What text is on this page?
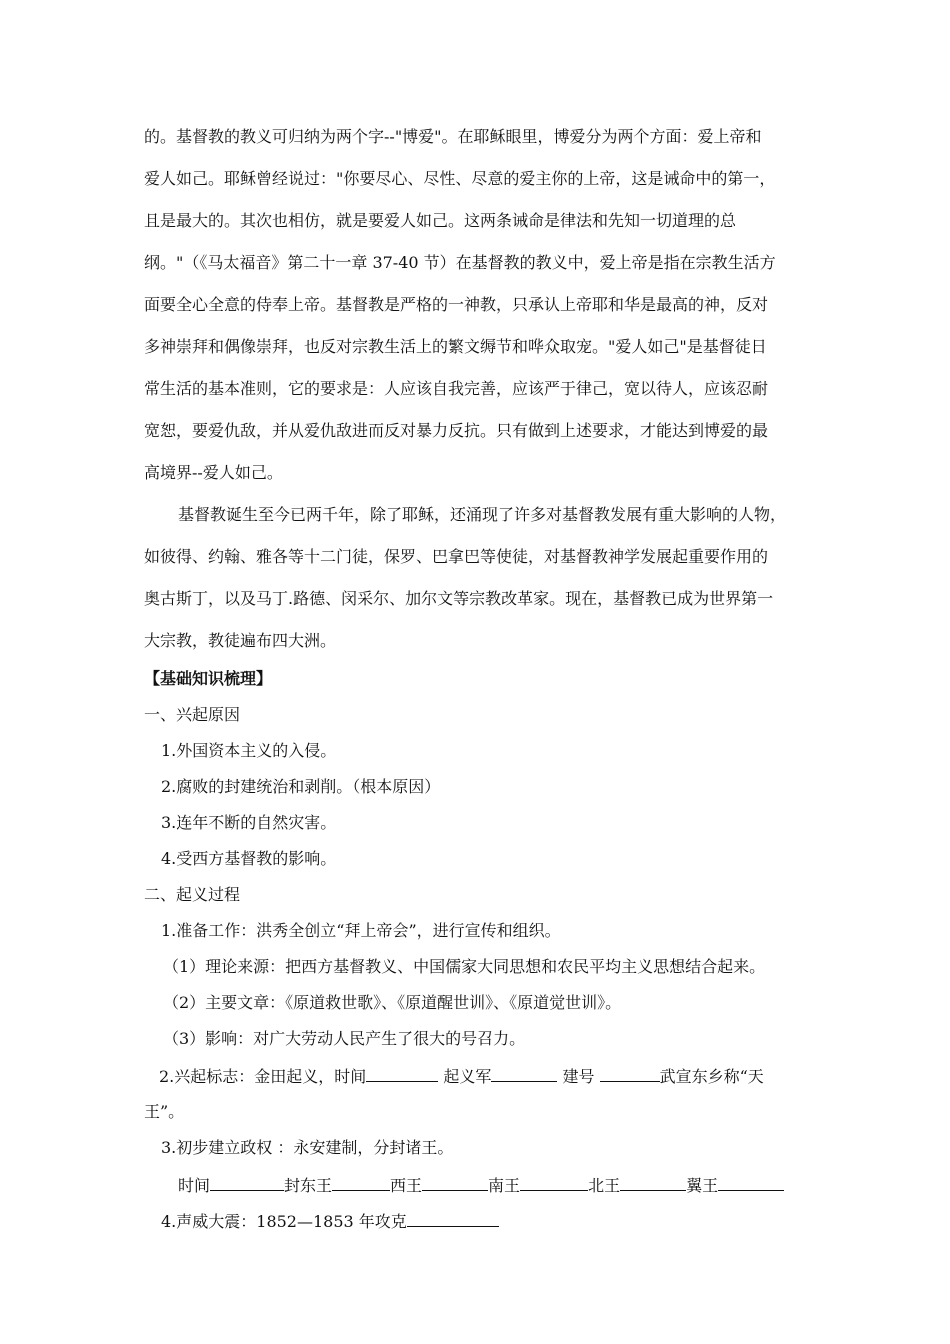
的。基督教的教义可归纳为两个字--"博爱"。在耶稣眼里，博爱分为两个方面：爱上帝和
爱人如己。耶稣曾经说过："你要尽心、尽性、尽意的爱主你的上帝，这是诫命中的第一，
且是最大的。其次也相仿，就是要爱人如己。这两条诫命是律法和先知一切道理的总
纲。"（《马太福音》第二十一章 37-40 节）在基督教的教义中，爱上帝是指在宗教生活方
面要全心全意的侍奉上帝。基督教是严格的一神教，只承认上帝耶和华是最高的神，反对
多神崇拜和偶像崇拜，也反对宗教生活上的繁文缛节和哗众取宠。"爱人如己"是基督徒日
常生活的基本准则，它的要求是：人应该自我完善，应该严于律己，宽以待人，应该忍耐
宽恕，要爱仇敌，并从爱仇敌进而反对暴力反抗。只有做到上述要求，才能达到博爱的最
高境界--爱人如己。
基督教诞生至今已两千年，除了耶稣，还涌现了许多对基督教发展有重大影响的人物，
如彼得、约翰、雅各等十二门徒，保罗、巴拿巴等使徒，对基督教神学发展起重要作用的
奥古斯丁，以及马丁.路德、闵采尔、加尔文等宗教改革家。现在，基督教已成为世界第一
大宗教，教徒遍布四大洲。
【基础知识梳理】
一、兴起原因
1.外国资本主义的入侵。
2.腐败的封建统治和剥削。（根本原因）
3.连年不断的自然灾害。
4.受西方基督教的影响。
二、起义过程
1.准备工作：洪秀全创立“拜上帝会”，进行宣传和组织。
（1）理论来源：把西方基督教义、中国儒家大同思想和农民平均主义思想结合起来。
（2）主要文章：《原道救世歌》、《原道醒世训》、《原道觉世训》。
（3）影响：对广大劳动人民产生了很大的号召力。
2.兴起标志：金田起义，时间	起义军	建号	武宣东乡称“天
王”。
3.初步建立政权 ：永安建制，分封诸王。
时间	封东王	西王	南王	北王	翼王
4.声威大震：1852—1853 年攻克
